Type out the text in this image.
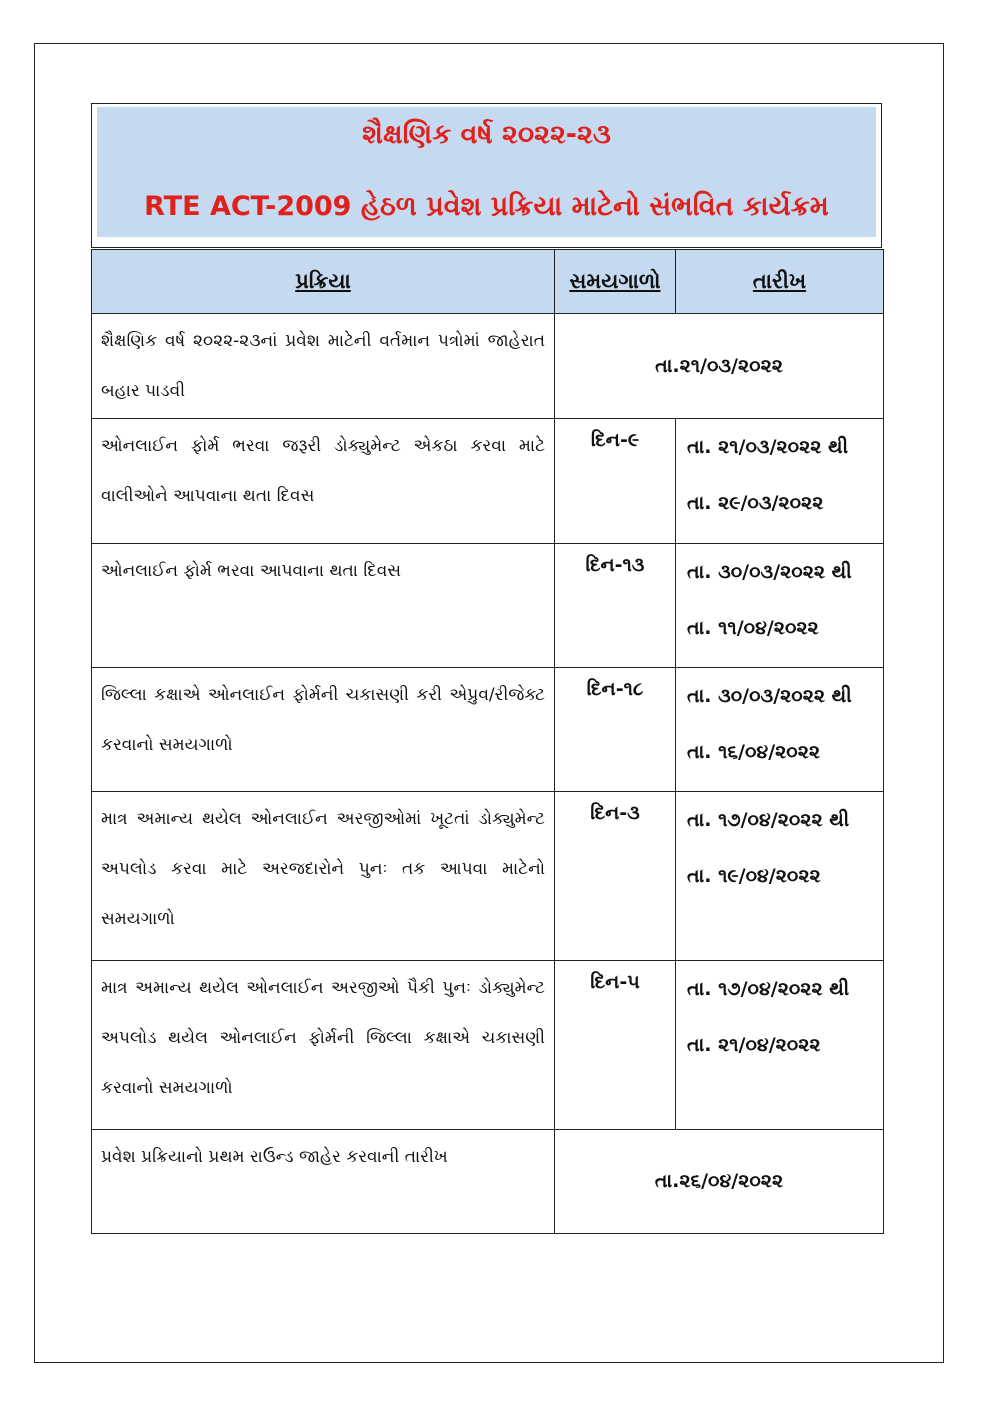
શૈક્ષણિક વર્ષ ૨૦૨૨-૨૩
RTE ACT-2009 હેઠળ પ્રવેશ પ્રક્રિયા માટેનો સંભવિત કાર્યક્રમ
પ્રક્રિયા	સમયગાળો	તારીખ
શૈક્ષણિક વર્ષ ૨૦૨૨-૨૩નાં પ્રવેશ માટેની વર્તમાન પત્રોમાં જાહેરાત બહાર પાડવી	તા.૨૧/૦૩/૨૦૨૨	
ઓનલાઈન ફોર્મ ભરવા જરૂરી ડોક્યુમેન્ટ એકઠા કરવા માટે વાલીઓને આપવાના થતા દિવસ	દિન-૯	તા. ૨૧/૦૩/૨૦૨૨ થી
તા. ૨૯/૦૩/૨૦૨૨

ઓનલાઈન ફોર્મ ભરવા આપવાના થતા દિવસ	દિન-૧૩	તા. ૩૦/૦૩/૨૦૨૨ થી
તા. ૧૧/૦૪/૨૦૨૨

જિલ્લા કક્ષાએ ઓનલાઈન ફોર્મની ચકાસણી કરી એપ્રુવ/રીજેક્ટ કરવાનો સમયગાળો	દિન-૧૮	તા. ૩૦/૦૩/૨૦૨૨ થી
તા. ૧૬/૦૪/૨૦૨૨

માત્ર અમાન્ય થયેલ ઓનલાઈન અરજીઓમાં ખૂટતાં ડોક્યુમેન્ટ અપલોડ કરવા માટે અરજદારોને પુનઃ તક આપવા માટેનો સમયગાળો	દિન-૩	તા. ૧૭/૦૪/૨૦૨૨ થી
તા. ૧૯/૦૪/૨૦૨૨

માત્ર અમાન્ય થયેલ ઓનલાઈન અરજીઓ પૈકી પુનઃ ડોક્યુમેન્ટ અપલોડ થયેલ ઓનલાઈન ફોર્મની જિલ્લા કક્ષાએ ચકાસણી કરવાનો સમયગાળો	દિન-૫	તા. ૧૭/૦૪/૨૦૨૨ થી
તા. ૨૧/૦૪/૨૦૨૨

પ્રવેશ પ્રક્રિયાનો પ્રથમ રાઉન્ડ જાહેર કરવાની તારીખ	તા.૨૬/૦૪/૨૦૨૨	
